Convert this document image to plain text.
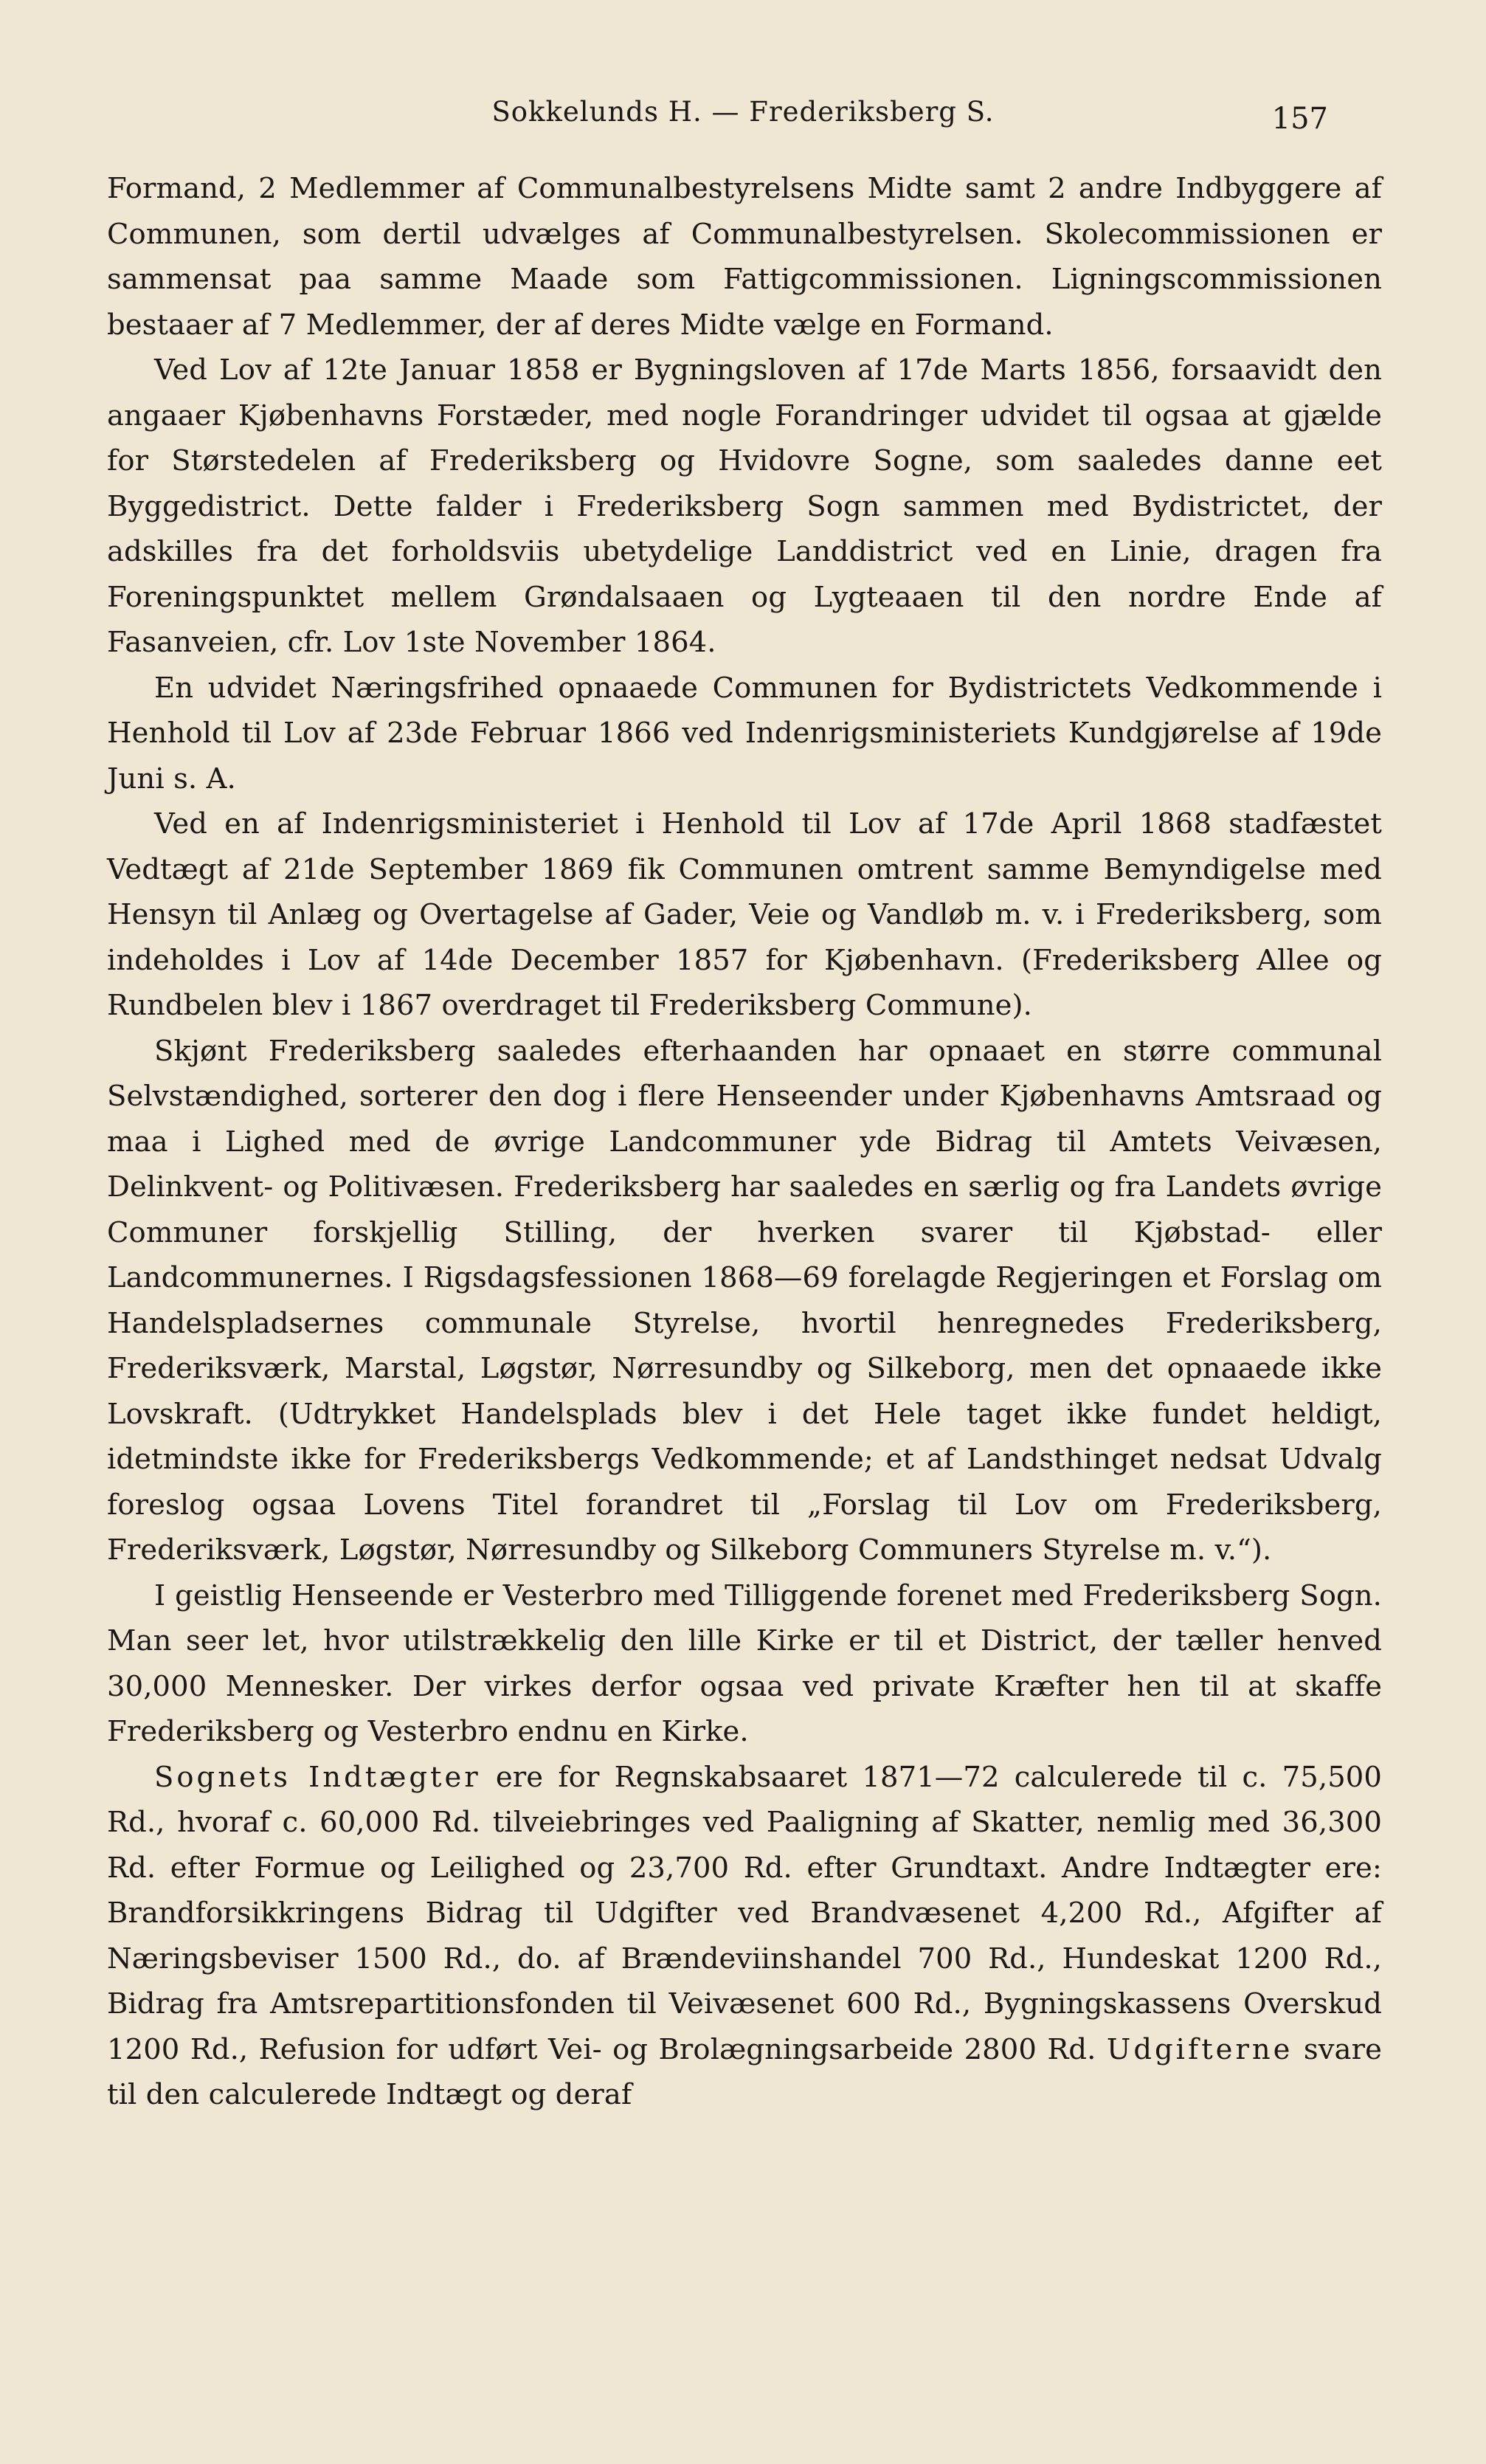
Sokkelunds H. — Frederiksberg S.	157

Formand, 2 Medlemmer af Communalbestyrelsens Midte samt 2 andre Indbyggere af Communen, som dertil udvælges af Communalbestyrelsen. Skolecommissionen er sammensat paa samme Maade som Fattigcommissionen. Ligningscommissionen bestaaer af 7 Medlemmer, der af deres Midte vælge en Formand.

Ved Lov af 12te Januar 1858 er Bygningsloven af 17de Marts 1856, forsaavidt den angaaer Kjøbenhavns Forstæder, med nogle Forandringer udvidet til ogsaa at gjælde for Størstedelen af Frederiksberg og Hvidovre Sogne, som saaledes danne eet Byggedistrict. Dette falder i Frederiksberg Sogn sammen med Bydistrictet, der adskilles fra det forholdsviis ubetydelige Landdistrict ved en Linie, dragen fra Foreningspunktet mellem Grøndalsaaen og Lygteaaen til den nordre Ende af Fasanveien, cfr. Lov 1ste November 1864.

En udvidet Næringsfrihed opnaaede Communen for Bydistrictets Vedkommende i Henhold til Lov af 23de Februar 1866 ved Indenrigsministeriets Kundgjørelse af 19de Juni s. A.

Ved en af Indenrigsministeriet i Henhold til Lov af 17de April 1868 stadfæstet Vedtægt af 21de September 1869 fik Communen omtrent samme Bemyndigelse med Hensyn til Anlæg og Overtagelse af Gader, Veie og Vandløb m. v. i Frederiksberg, som indeholdes i Lov af 14de December 1857 for Kjøbenhavn. (Frederiksberg Allee og Rundbelen blev i 1867 overdraget til Frederiksberg Commune).

Skjønt Frederiksberg saaledes efterhaanden har opnaaet en større communal Selvstændighed, sorterer den dog i flere Henseender under Kjøbenhavns Amtsraad og maa i Lighed med de øvrige Landcommuner yde Bidrag til Amtets Veivæsen, Delinkvent- og Politivæsen. Frederiksberg har saaledes en særlig og fra Landets øvrige Communer forskjellig Stilling, der hverken svarer til Kjøbstad- eller Landcommunernes. I Rigsdagsfessionen 1868—69 forelagde Regjeringen et Forslag om Handelspladsernes communale Styrelse, hvortil henregnedes Frederiksberg, Frederiksværk, Marstal, Løgstør, Nørresundby og Silkeborg, men det opnaaede ikke Lovskraft. (Udtrykket Handelsplads blev i det Hele taget ikke fundet heldigt, idetmindste ikke for Frederiksbergs Vedkommende; et af Landsthinget nedsat Udvalg foreslog ogsaa Lovens Titel forandret til „Forslag til Lov om Frederiksberg, Frederiksværk, Løgstør, Nørresundby og Silkeborg Communers Styrelse m. v.“).

I geistlig Henseende er Vesterbro med Tilliggende forenet med Frederiksberg Sogn. Man seer let, hvor utilstrækkelig den lille Kirke er til et District, der tæller henved 30,000 Mennesker. Der virkes derfor ogsaa ved private Kræfter hen til at skaffe Frederiksberg og Vesterbro endnu en Kirke.

Sognets Indtægter ere for Regnskabsaaret 1871—72 calculerede til c. 75,500 Rd., hvoraf c. 60,000 Rd. tilveiebringes ved Paaligning af Skatter, nemlig med 36,300 Rd. efter Formue og Leilighed og 23,700 Rd. efter Grundtaxt. Andre Indtægter ere: Brandforsikkringens Bidrag til Udgifter ved Brandvæsenet 4,200 Rd., Afgifter af Næringsbeviser 1500 Rd., do. af Brændeviinshandel 700 Rd., Hundeskat 1200 Rd., Bidrag fra Amtsrepartitionsfonden til Veivæsenet 600 Rd., Bygningskassens Overskud 1200 Rd., Refusion for udført Vei- og Brolægningsarbeide 2800 Rd. Udgifterne svare til den calculerede Indtægt og deraf
